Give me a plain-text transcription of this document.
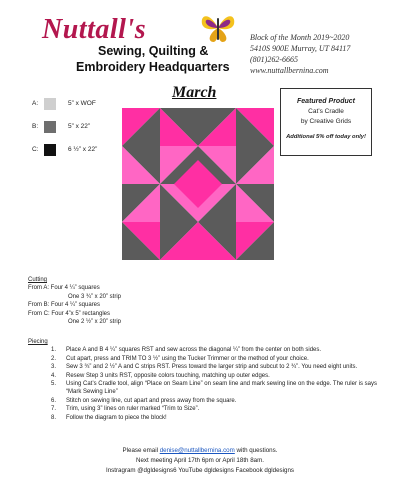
Nuttall's
Sewing, Quilting &
Embroidery Headquarters
Block of the Month 2019~2020
5410S 900E Murray, UT 84117
(801)262-6665
www.nuttallbernina.com
A:	5” x WOF
B:	5” x 22”
C:	6 ½” x 22”
March
Featured Product
Cat’s Cradle
by Creative Grids
Additional 5% off today only!
Cutting
From A: Four 4 ¼” squares
One 3 ¾” x 20” strip
From B: Four 4 ¼” squares
From C: Four 4”x 5” rectangles
One 2 ½” x 20” strip
Piecing
1. Place A and B 4 ¼” squares RST and sew across the diagonal ¼” from the center on both sides.
2. Cut apart, press and TRIM TO 3 ½” using the Tucker Trimmer or the method of your choice.
3. Sew 3 ¾” and 2 ½” A and C strips RST. Press toward the larger strip and subcut to 2 ¾”. You need eight units.
4. Resew Step 3 units RST, opposite colors touching, matching up outer edges.
5. Using Cat’s Cradle tool, align “Place on Seam Line” on seam line and mark sewing line on the edge. The ruler is says “Mark Sewing Line”
6. Stitch on sewing line, cut apart and press away from the square.
7. Trim, using 3” lines on ruler marked “Trim to Size”.
8. Follow the diagram to piece the block!
Please email denise@nuttallbernina.com with questions.
Next meeting April 17th 6pm or April 18th 8am.
Instragram @dgldesigns6 YouTube dgldesigns Facebook dgldesigns
